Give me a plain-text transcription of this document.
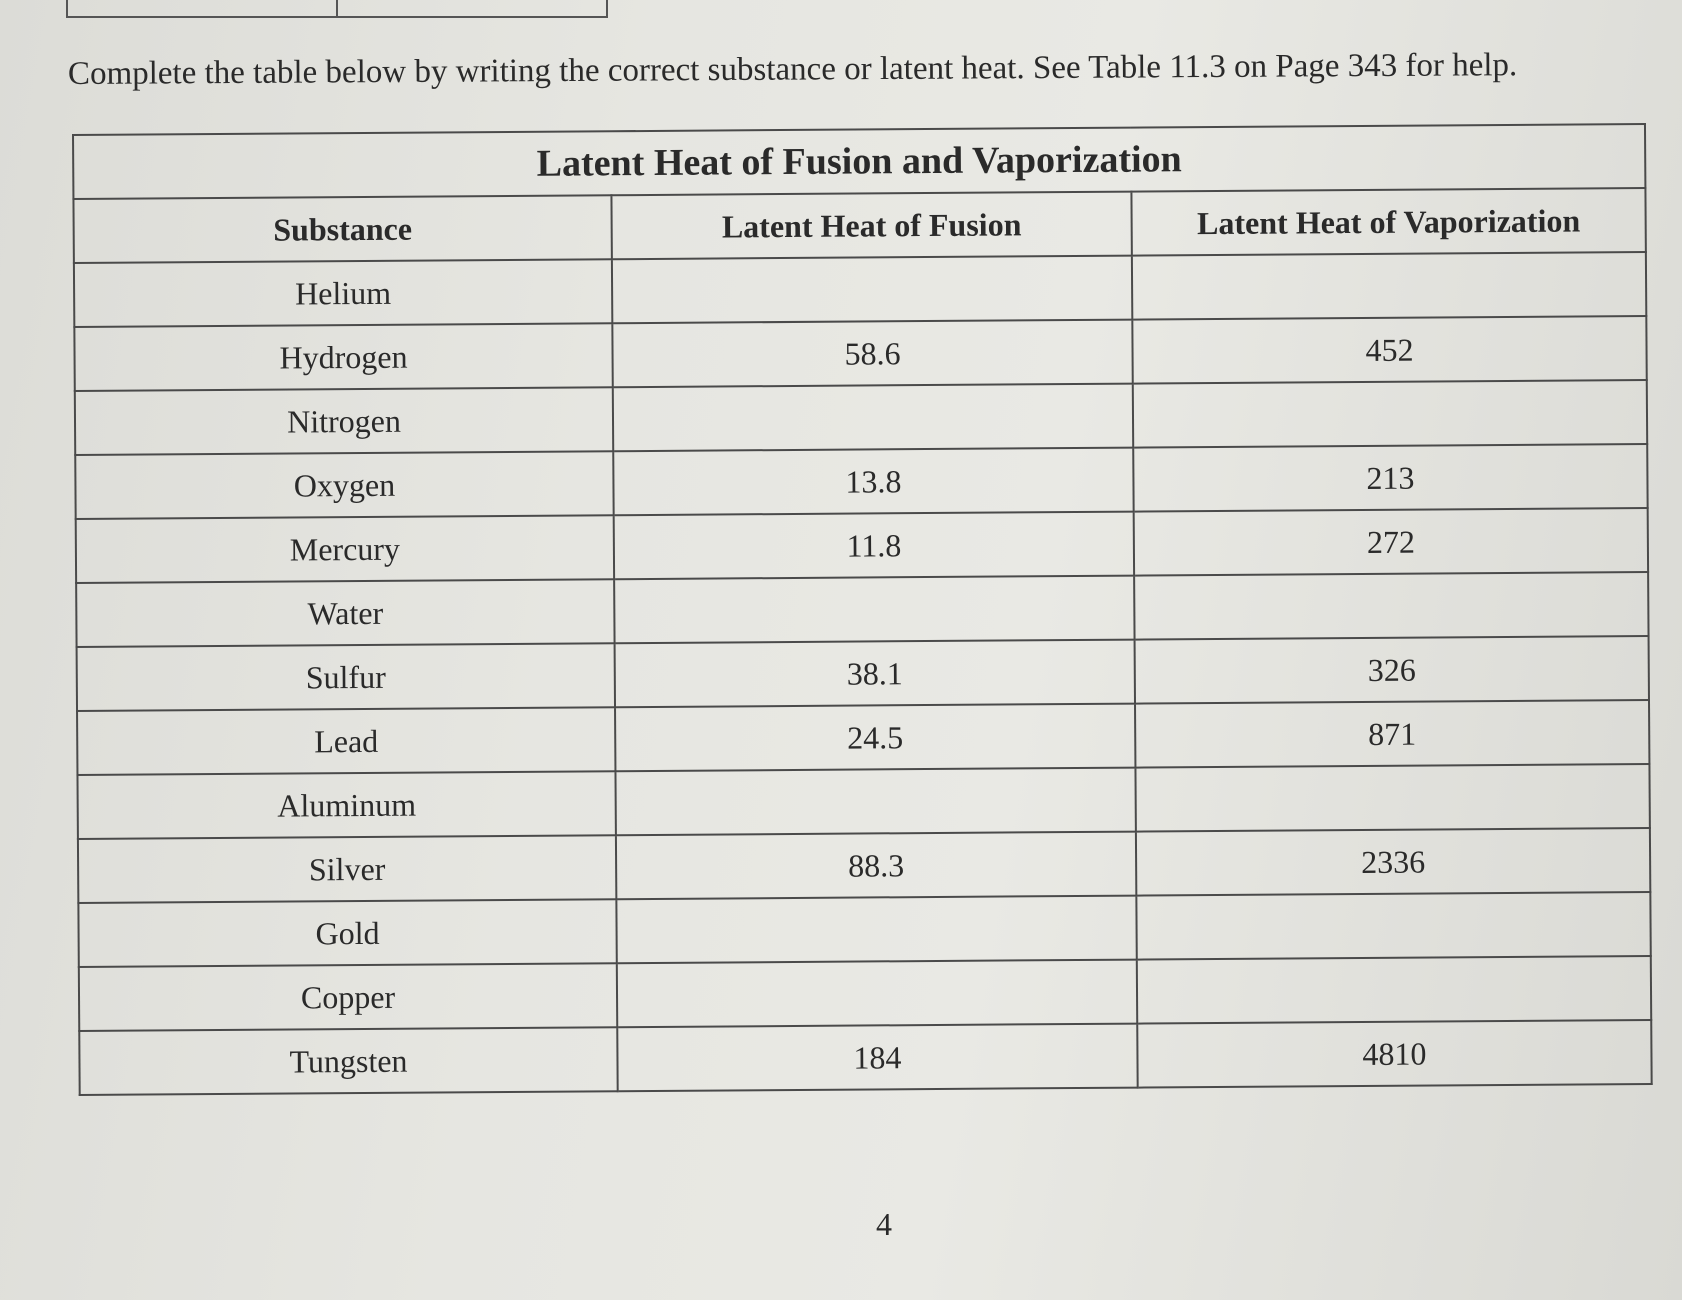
Complete the table below by writing the correct substance or latent heat. See Table 11.3 on Page 343 for help.
Latent Heat of Fusion and Vaporization		
Substance	Latent Heat of Fusion	Latent Heat of Vaporization
Helium		
Hydrogen	58.6	452
Nitrogen		
Oxygen	13.8	213
Mercury	11.8	272
Water		
Sulfur	38.1	326
Lead	24.5	871
Aluminum		
Silver	88.3	2336
Gold		
Copper		
Tungsten	184	4810
4
